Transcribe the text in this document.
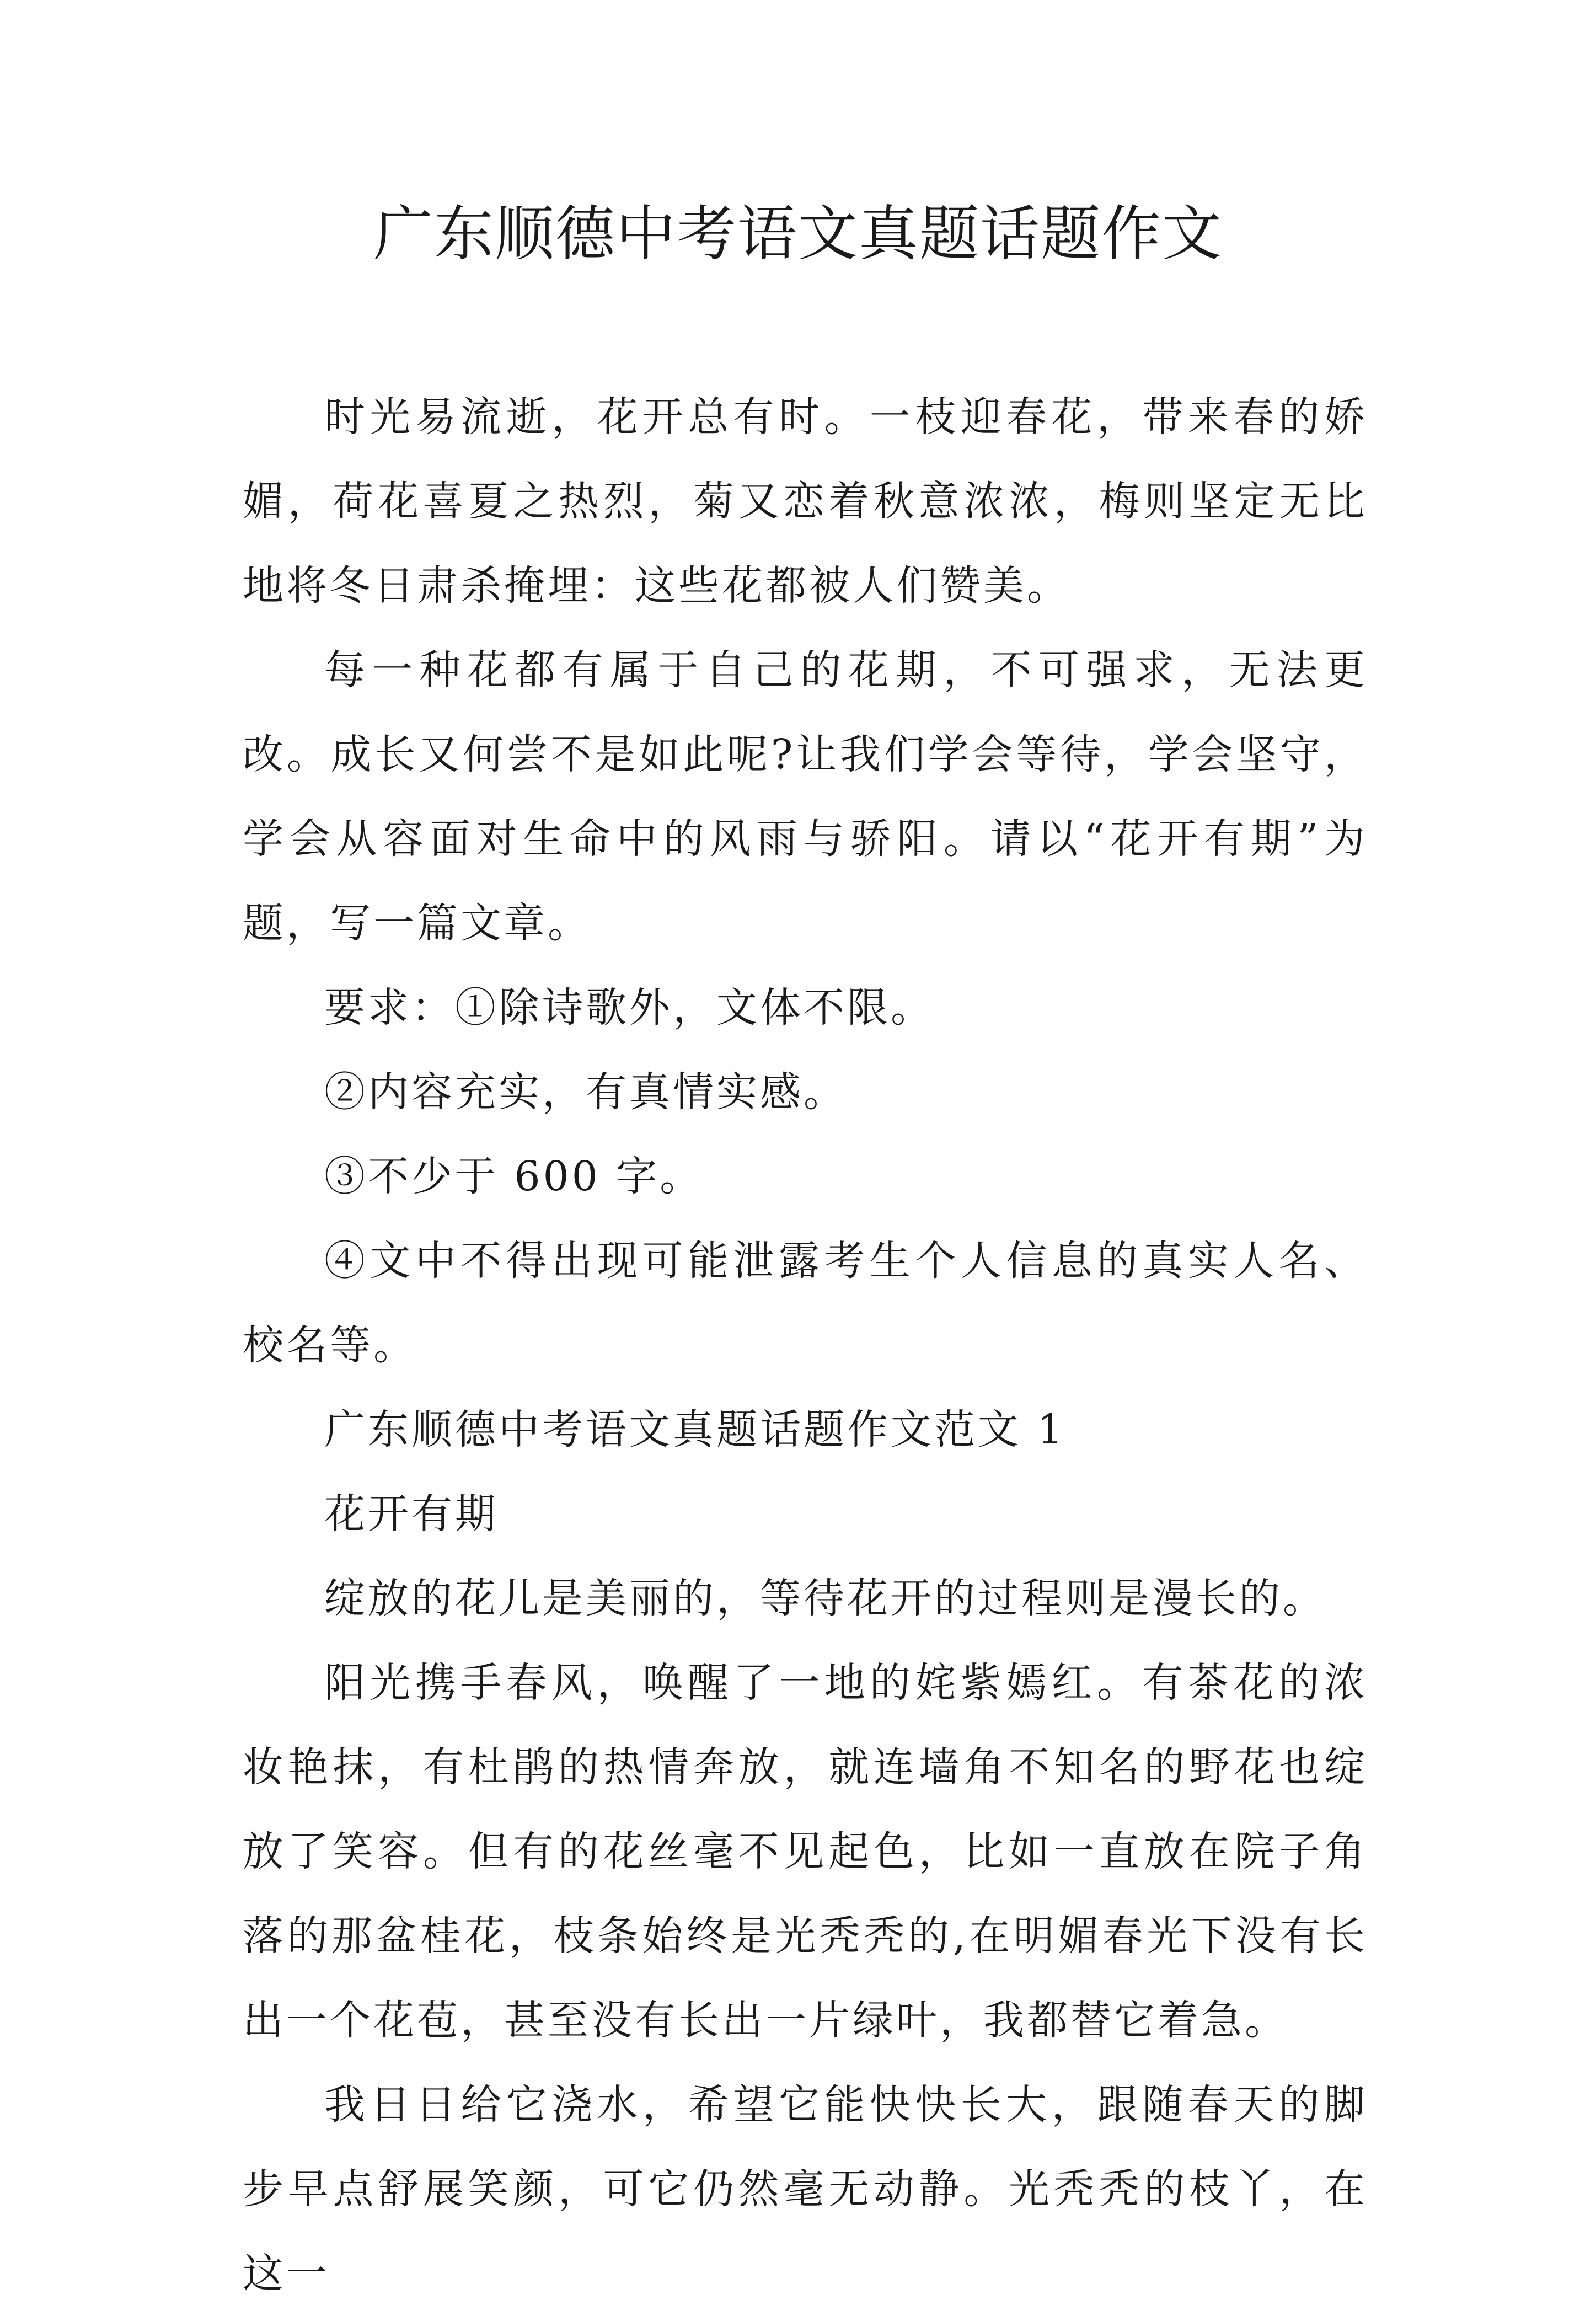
广东顺德中考语文真题话题作文

时光易流逝，花开总有时。一枝迎春花，带来春的娇媚，荷花喜夏之热烈，菊又恋着秋意浓浓，梅则坚定无比地将冬日肃杀掩埋：这些花都被人们赞美。

每一种花都有属于自己的花期，不可强求，无法更改。成长又何尝不是如此呢?让我们学会等待，学会坚守，学会从容面对生命中的风雨与骄阳。请以“花开有期”为题，写一篇文章。

要求：①除诗歌外，文体不限。

②内容充实，有真情实感。

③不少于 600 字。

④文中不得出现可能泄露考生个人信息的真实人名、校名等。

广东顺德中考语文真题话题作文范文 1

花开有期

绽放的花儿是美丽的，等待花开的过程则是漫长的。

阳光携手春风，唤醒了一地的姹紫嫣红。有茶花的浓妆艳抹，有杜鹃的热情奔放，就连墙角不知名的野花也绽放了笑容。但有的花丝毫不见起色，比如一直放在院子角落的那盆桂花，枝条始终是光秃秃的,在明媚春光下没有长出一个花苞，甚至没有长出一片绿叶，我都替它着急。

我日日给它浇水，希望它能快快长大，跟随春天的脚步早点舒展笑颜，可它仍然毫无动静。光秃秃的枝丫，在这一
